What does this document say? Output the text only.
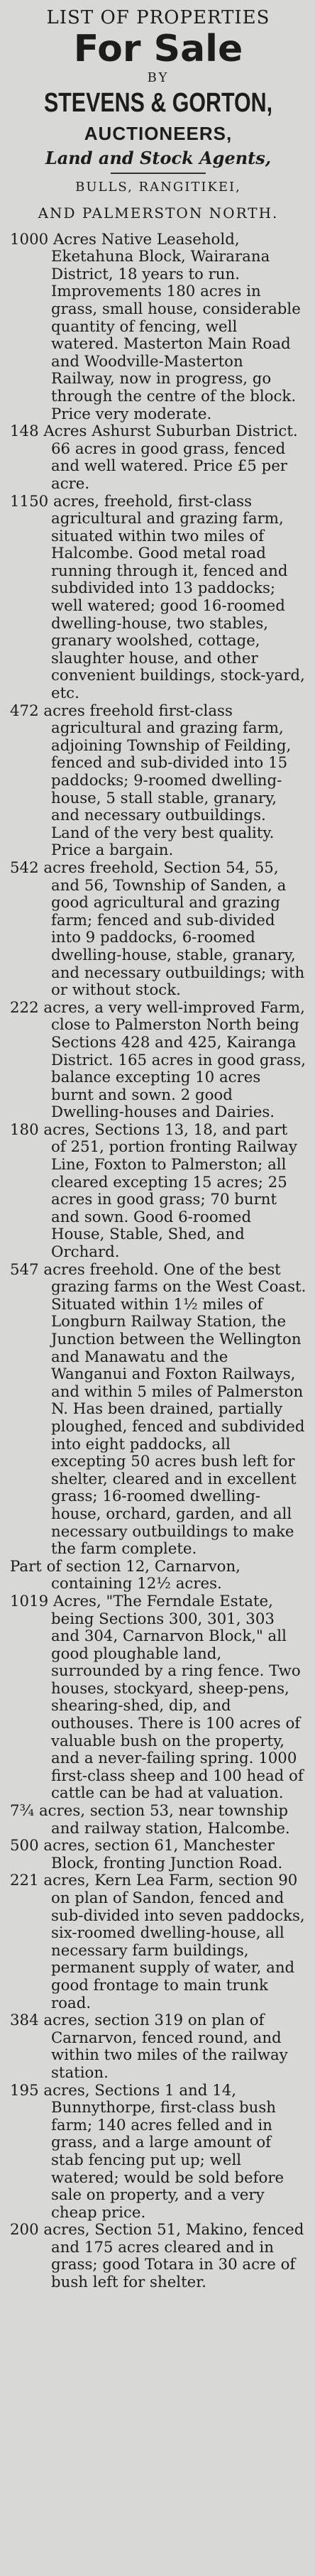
LIST OF PROPERTIES
For Sale
BY
STEVENS & GORTON,
AUCTIONEERS,
Land and Stock Agents,
BULLS, RANGITIKEI,
AND PALMERSTON NORTH.

1000 Acres Native Leasehold, Eketahuna Block, Wairarana District, 18 years to run. Improvements 180 acres in grass, small house, considerable quantity of fencing, well watered. Masterton Main Road and Woodville-Masterton Railway, now in progress, go through the centre of the block. Price very moderate.

148 Acres Ashurst Suburban District. 66 acres in good grass, fenced and well watered. Price £5 per acre.

1150 acres, freehold, first-class agricultural and grazing farm, situated within two miles of Halcombe. Good metal road running through it, fenced and subdivided into 13 paddocks; well watered; good 16-roomed dwelling-house, two stables, granary woolshed, cottage, slaughter house, and other convenient buildings, stock-yard, etc.

472 acres freehold first-class agricultural and grazing farm, adjoining Township of Feilding, fenced and sub-divided into 15 paddocks; 9-roomed dwelling-house, 5 stall stable, granary, and necessary outbuildings. Land of the very best quality. Price a bargain.

542 acres freehold, Section 54, 55, and 56, Township of Sanden, a good agricultural and grazing farm; fenced and sub-divided into 9 paddocks, 6-roomed dwelling-house, stable, granary, and necessary outbuildings; with or without stock.

222 acres, a very well-improved Farm, close to Palmerston North being Sections 428 and 425, Kairanga District. 165 acres in good grass, balance excepting 10 acres burnt and sown. 2 good Dwelling-houses and Dairies.

180 acres, Sections 13, 18, and part of 251, portion fronting Railway Line, Foxton to Palmerston; all cleared excepting 15 acres; 25 acres in good grass; 70 burnt and sown. Good 6-roomed House, Stable, Shed, and Orchard.

547 acres freehold. One of the best grazing farms on the West Coast. Situated within 1½ miles of Longburn Railway Station, the Junction between the Wellington and Manawatu and the Wanganui and Foxton Railways, and within 5 miles of Palmerston N. Has been drained, partially ploughed, fenced and subdivided into eight paddocks, all excepting 50 acres bush left for shelter, cleared and in excellent grass; 16-roomed dwelling-house, orchard, garden, and all necessary outbuildings to make the farm complete.

Part of section 12, Carnarvon, containing 12½ acres.

1019 Acres, "The Ferndale Estate, being Sections 300, 301, 303 and 304, Carnarvon Block," all good ploughable land, surrounded by a ring fence. Two houses, stockyard, sheep-pens, shearing-shed, dip, and outhouses. There is 100 acres of valuable bush on the property, and a never-failing spring. 1000 first-class sheep and 100 head of cattle can be had at valuation.

7¾ acres, section 53, near township and railway station, Halcombe.

500 acres, section 61, Manchester Block, fronting Junction Road.

221 acres, Kern Lea Farm, section 90 on plan of Sandon, fenced and sub-divided into seven paddocks, six-roomed dwelling-house, all necessary farm buildings, permanent supply of water, and good frontage to main trunk road.

384 acres, section 319 on plan of Carnarvon, fenced round, and within two miles of the railway station.

195 acres, Sections 1 and 14, Bunnythorpe, first-class bush farm; 140 acres felled and in grass, and a large amount of stab fencing put up; well watered; would be sold before sale on property, and a very cheap price.

200 acres, Section 51, Makino, fenced and 175 acres cleared and in grass; good Totara in 30 acre of bush left for shelter.
